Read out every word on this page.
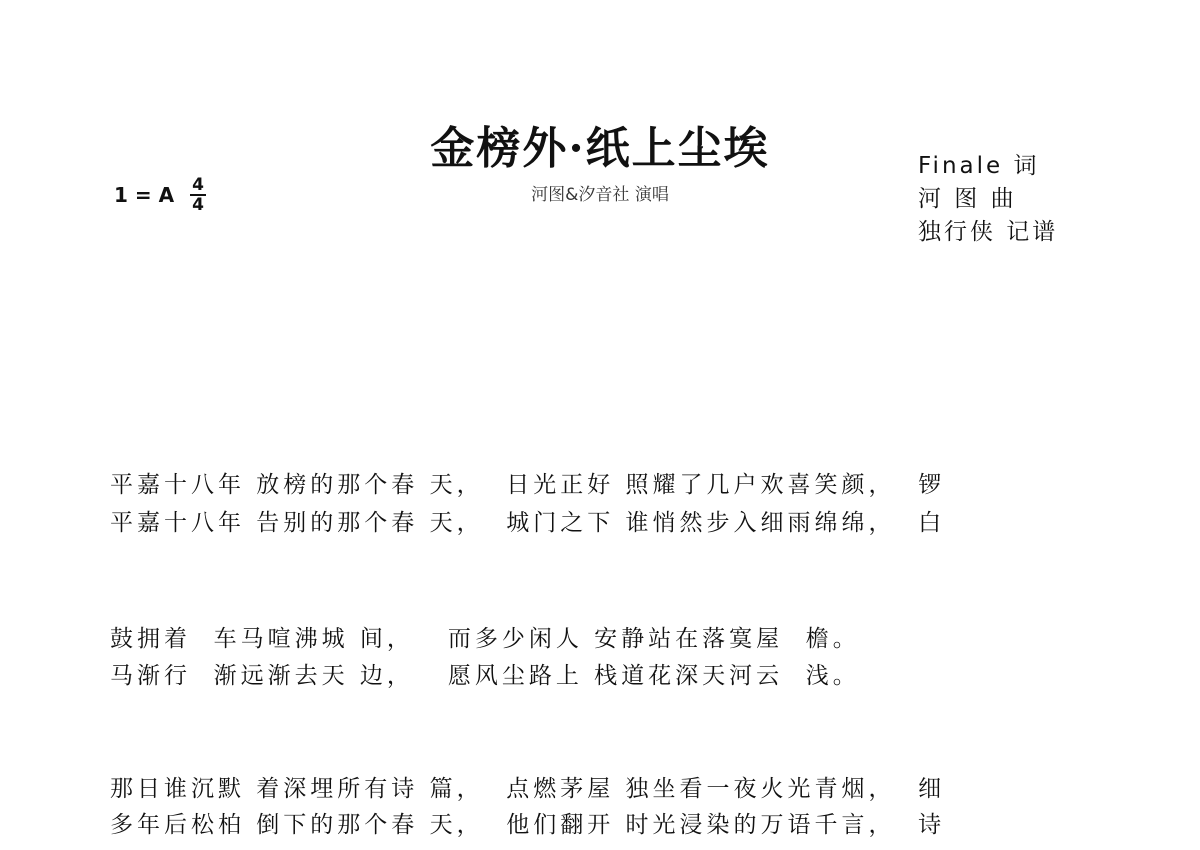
金榜外·纸上尘埃
河图&汐音社 演唱
Finale 词
河 图 曲
独行侠 记谱
1 = A $\frac{4}{4}$

平嘉十八年 放榜的那个春 天，  日光正好 照耀了几户欢喜笑颜，  锣
平嘉十八年 告别的那个春 天，  城门之下 谁悄然步入细雨绵绵，  白

鼓拥着  车马喧沸城 间，   而多少闲人 安静站在落寞屋  檐。
马渐行  渐远渐去天 边，   愿风尘路上 栈道花深天河云  浅。

那日谁沉默 着深埋所有诗 篇，  点燃茅屋 独坐看一夜火光青烟，  细
多年后松柏 倒下的那个春 天，  他们翻开 时光浸染的万语千言，  诗
